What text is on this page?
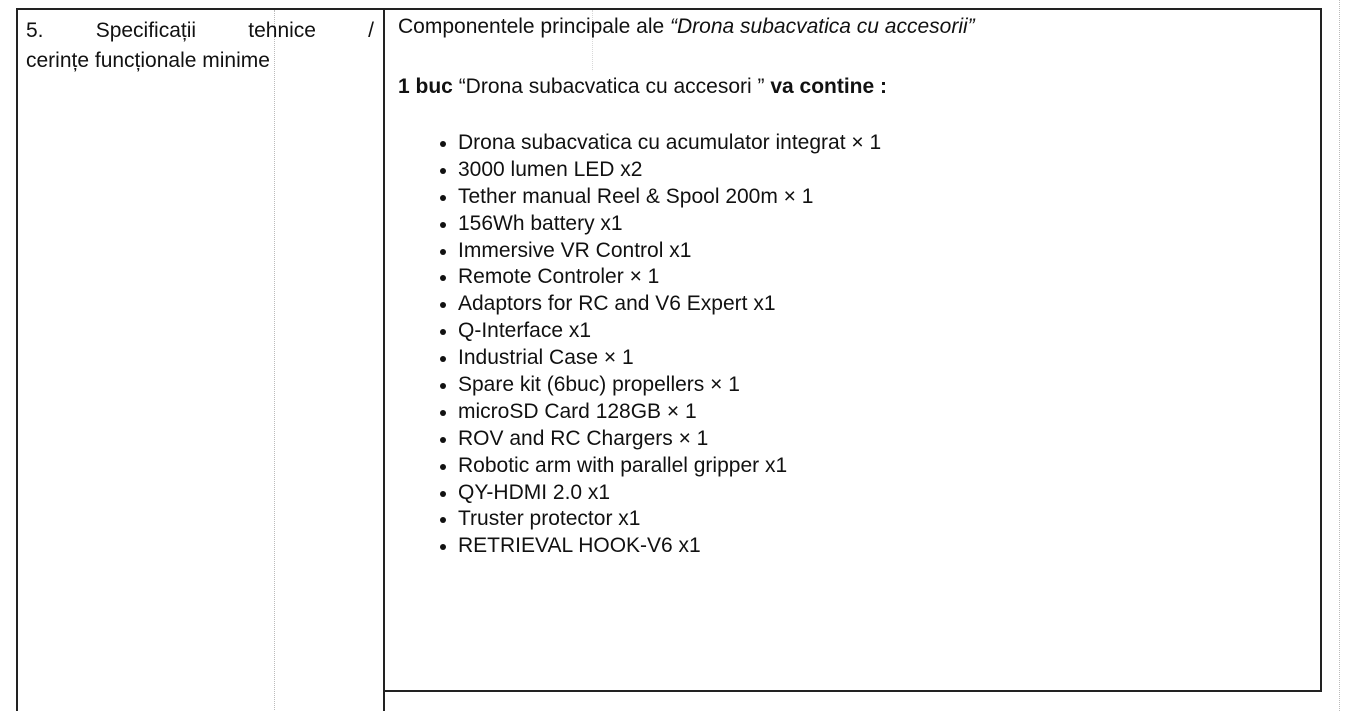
5. Specificații tehnice /
cerințe funcționale minime
Componentele principale ale “Drona subacvatica cu accesorii”
1 buc “Drona subacvatica cu accesori ” va contine :
Drona subacvatica cu acumulator integrat × 1
3000 lumen LED x2
Tether manual Reel & Spool 200m × 1
156Wh battery x1
Immersive VR Control x1
Remote Controler × 1
Adaptors for RC and V6 Expert x1
Q-Interface x1
Industrial Case × 1
Spare kit (6buc) propellers × 1
microSD Card 128GB × 1
ROV and RC Chargers × 1
Robotic arm with parallel gripper x1
QY-HDMI 2.0 x1
Truster protector x1
RETRIEVAL HOOK-V6 x1
